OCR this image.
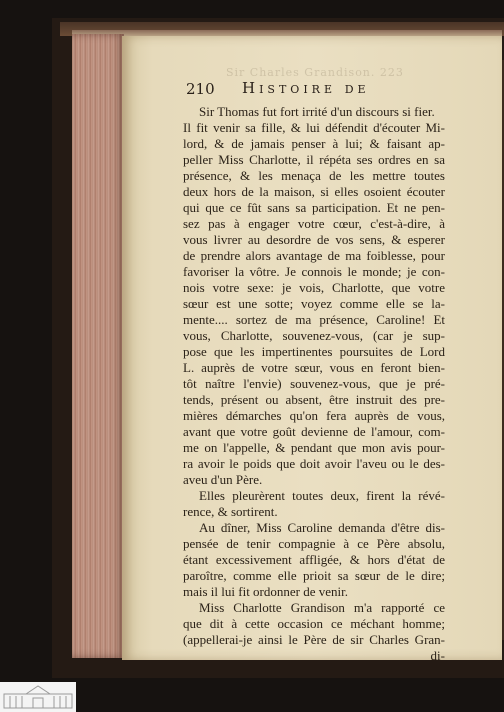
Sir Charles Grandison. 223
210 Histoire de
Sir Thomas fut fort irrité d'un discours si fier.
Il fit venir sa fille, & lui défendit d'écouter Mi-
lord, & de jamais penser à lui; & faisant ap-
peller Miss Charlotte, il répéta ses ordres en sa
présence, & les menaça de les mettre toutes
deux hors de la maison, si elles osoient écouter
qui que ce fût sans sa participation. Et ne pen-
sez pas à engager votre cœur, c'est-à-dire, à
vous livrer au desordre de vos sens, & esperer
de prendre alors avantage de ma foiblesse, pour
favoriser la vôtre. Je connois le monde; je con-
nois votre sexe: je vois, Charlotte, que votre
sœur est une sotte; voyez comme elle se la-
mente.... sortez de ma présence, Caroline! Et
vous, Charlotte, souvenez-vous, (car je sup-
pose que les impertinentes poursuites de Lord
L. auprès de votre sœur, vous en feront bien-
tôt naître l'envie) souvenez-vous, que je pré-
tends, présent ou absent, être instruit des pre-
mières démarches qu'on fera auprès de vous,
avant que votre goût devienne de l'amour, com-
me on l'appelle, & pendant que mon avis pour-
ra avoir le poids que doit avoir l'aveu ou le des-
aveu d'un Père.
Elles pleurèrent toutes deux, firent la révé-
rence, & sortirent.
Au dîner, Miss Caroline demanda d'être dis-
pensée de tenir compagnie à ce Père absolu,
étant excessivement affligée, & hors d'état de
paroître, comme elle prioit sa sœur de le dire;
mais il lui fit ordonner de venir.
Miss Charlotte Grandison m'a rapporté ce
que dit à cette occasion ce méchant homme;
(appellerai-je ainsi le Père de sir Charles Gran-
di-
